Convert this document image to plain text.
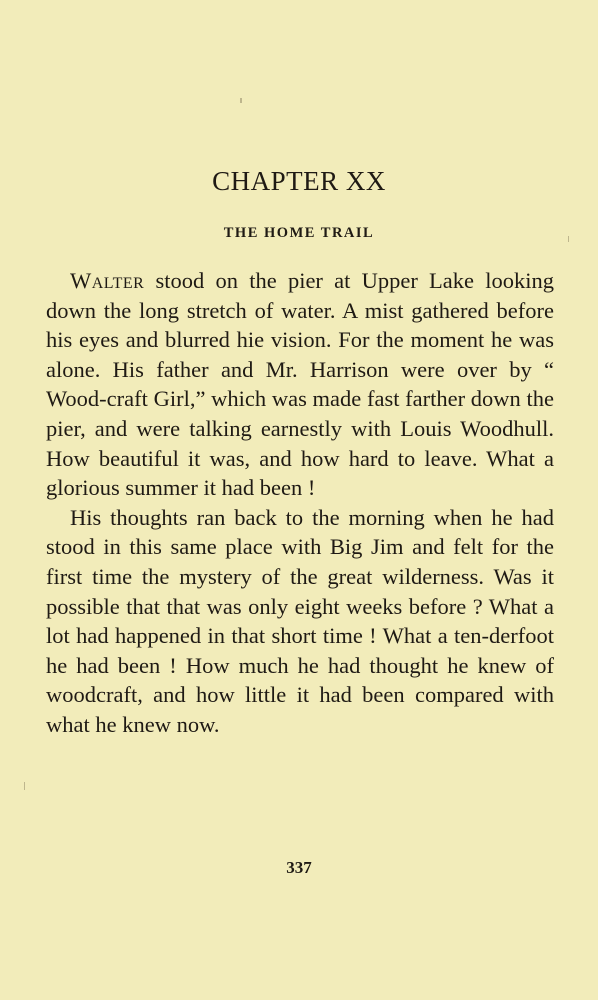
CHAPTER XX
THE HOME TRAIL

Walter stood on the pier at Upper Lake looking down the long stretch of water. A mist gathered before his eyes and blurred hie vision. For the moment he was alone. His father and Mr. Harrison were over by “ Wood-craft Girl,” which was made fast farther down the pier, and were talking earnestly with Louis Woodhull. How beautiful it was, and how hard to leave. What a glorious summer it had been !

His thoughts ran back to the morning when he had stood in this same place with Big Jim and felt for the first time the mystery of the great wilderness. Was it possible that that was only eight weeks before ? What a lot had happened in that short time ! What a ten-derfoot he had been ! How much he had thought he knew of woodcraft, and how little it had been compared with what he knew now.

337
